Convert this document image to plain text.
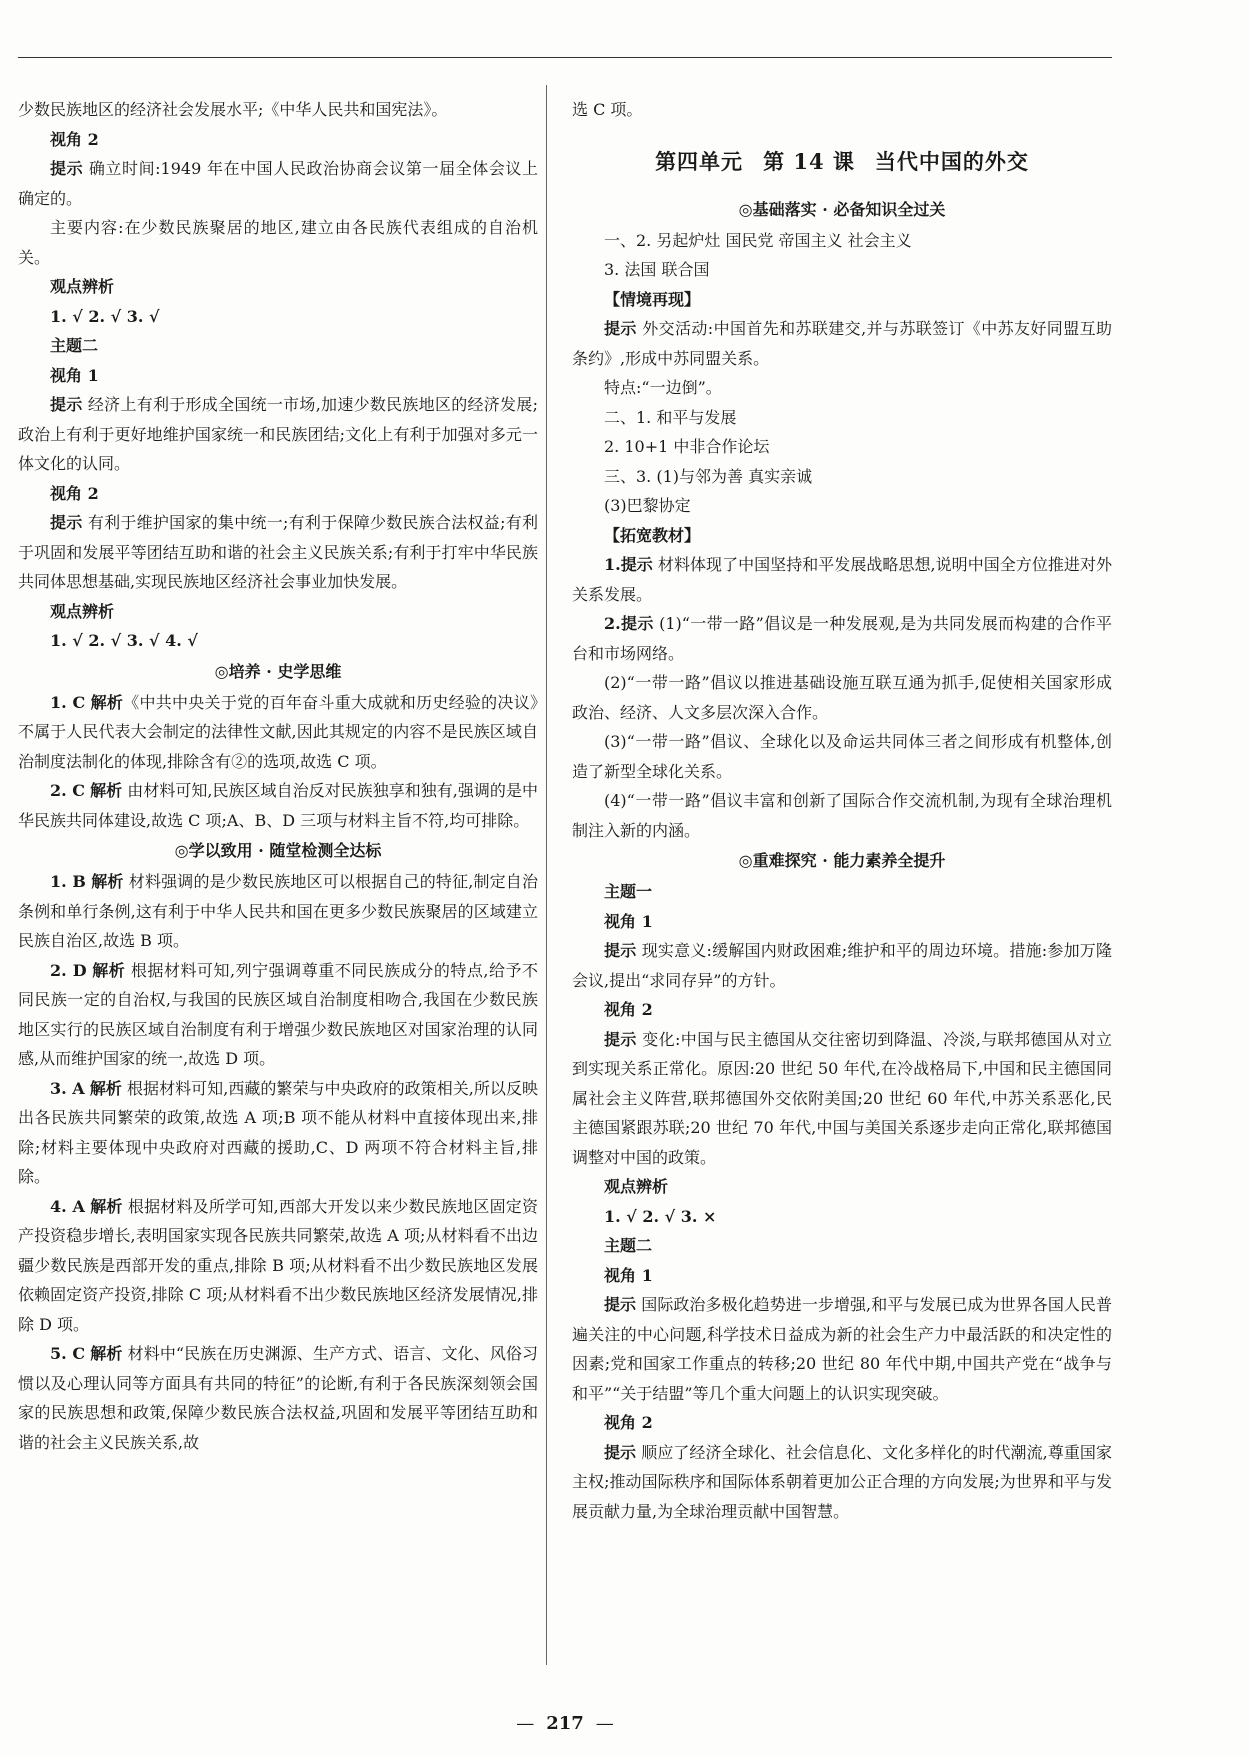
少数民族地区的经济社会发展水平;《中华人民共和国宪法》。

视角 2

提示 确立时间:1949 年在中国人民政治协商会议第一届全体会议上确定的。

主要内容:在少数民族聚居的地区,建立由各民族代表组成的自治机关。

观点辨析

1. √ 2. √ 3. √

主题二

视角 1

提示 经济上有利于形成全国统一市场,加速少数民族地区的经济发展;政治上有利于更好地维护国家统一和民族团结;文化上有利于加强对多元一体文化的认同。

视角 2

提示 有利于维护国家的集中统一;有利于保障少数民族合法权益;有利于巩固和发展平等团结互助和谐的社会主义民族关系;有利于打牢中华民族共同体思想基础,实现民族地区经济社会事业加快发展。

观点辨析

1. √ 2. √ 3. √ 4. √

◎培养 · 史学思维

1. C 解析《中共中央关于党的百年奋斗重大成就和历史经验的决议》不属于人民代表大会制定的法律性文献,因此其规定的内容不是民族区域自治制度法制化的体现,排除含有②的选项,故选 C 项。

2. C 解析 由材料可知,民族区域自治反对民族独享和独有,强调的是中华民族共同体建设,故选 C 项;A、B、D 三项与材料主旨不符,均可排除。

◎学以致用 · 随堂检测全达标

1. B 解析 材料强调的是少数民族地区可以根据自己的特征,制定自治条例和单行条例,这有利于中华人民共和国在更多少数民族聚居的区域建立民族自治区,故选 B 项。

2. D 解析 根据材料可知,列宁强调尊重不同民族成分的特点,给予不同民族一定的自治权,与我国的民族区域自治制度相吻合,我国在少数民族地区实行的民族区域自治制度有利于增强少数民族地区对国家治理的认同感,从而维护国家的统一,故选 D 项。

3. A 解析 根据材料可知,西藏的繁荣与中央政府的政策相关,所以反映出各民族共同繁荣的政策,故选 A 项;B 项不能从材料中直接体现出来,排除;材料主要体现中央政府对西藏的援助,C、D 两项不符合材料主旨,排除。

4. A 解析 根据材料及所学可知,西部大开发以来少数民族地区固定资产投资稳步增长,表明国家实现各民族共同繁荣,故选 A 项;从材料看不出边疆少数民族是西部开发的重点,排除 B 项;从材料看不出少数民族地区发展依赖固定资产投资,排除 C 项;从材料看不出少数民族地区经济发展情况,排除 D 项。

5. C 解析 材料中“民族在历史渊源、生产方式、语言、文化、风俗习惯以及心理认同等方面具有共同的特征”的论断,有利于各民族深刻领会国家的民族思想和政策,保障少数民族合法权益,巩固和发展平等团结互助和谐的社会主义民族关系,故

选 C 项。

第四单元 第 14 课 当代中国的外交

◎基础落实 · 必备知识全过关

一、2. 另起炉灶 国民党 帝国主义 社会主义

3. 法国 联合国

【情境再现】

提示 外交活动:中国首先和苏联建交,并与苏联签订《中苏友好同盟互助条约》,形成中苏同盟关系。

特点:“一边倒”。

二、1. 和平与发展

2. 10+1 中非合作论坛

三、3. (1)与邻为善 真实亲诚

(3)巴黎协定

【拓宽教材】

1.提示 材料体现了中国坚持和平发展战略思想,说明中国全方位推进对外关系发展。

2.提示 (1)“一带一路”倡议是一种发展观,是为共同发展而构建的合作平台和市场网络。

(2)“一带一路”倡议以推进基础设施互联互通为抓手,促使相关国家形成政治、经济、人文多层次深入合作。

(3)“一带一路”倡议、全球化以及命运共同体三者之间形成有机整体,创造了新型全球化关系。

(4)“一带一路”倡议丰富和创新了国际合作交流机制,为现有全球治理机制注入新的内涵。

◎重难探究 · 能力素养全提升

主题一

视角 1

提示 现实意义:缓解国内财政困难;维护和平的周边环境。措施:参加万隆会议,提出“求同存异”的方针。

视角 2

提示 变化:中国与民主德国从交往密切到降温、冷淡,与联邦德国从对立到实现关系正常化。原因:20 世纪 50 年代,在冷战格局下,中国和民主德国同属社会主义阵营,联邦德国外交依附美国;20 世纪 60 年代,中苏关系恶化,民主德国紧跟苏联;20 世纪 70 年代,中国与美国关系逐步走向正常化,联邦德国调整对中国的政策。

观点辨析

1. √ 2. √ 3. ×

主题二

视角 1

提示 国际政治多极化趋势进一步增强,和平与发展已成为世界各国人民普遍关注的中心问题,科学技术日益成为新的社会生产力中最活跃的和决定性的因素;党和国家工作重点的转移;20 世纪 80 年代中期,中国共产党在“战争与和平”“关于结盟”等几个重大问题上的认识实现突破。

视角 2

提示 顺应了经济全球化、社会信息化、文化多样化的时代潮流,尊重国家主权;推动国际秩序和国际体系朝着更加公正合理的方向发展;为世界和平与发展贡献力量,为全球治理贡献中国智慧。

— 217 —
